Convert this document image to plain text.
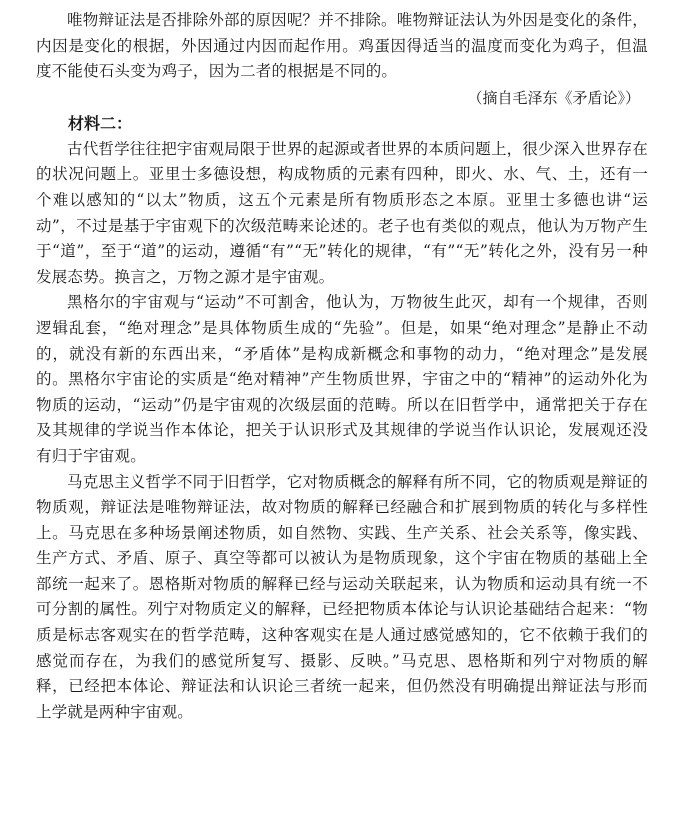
唯物辩证法是否排除外部的原因呢？并不排除。唯物辩证法认为外因是变化的条件，内因是变化的根据，外因通过内因而起作用。鸡蛋因得适当的温度而变化为鸡子，但温度不能使石头变为鸡子，因为二者的根据是不同的。

（摘自毛泽东《矛盾论》）

材料二：

古代哲学往往把宇宙观局限于世界的起源或者世界的本质问题上，很少深入世界存在的状况问题上。亚里士多德设想，构成物质的元素有四种，即火、水、气、土，还有一个难以感知的“以太”物质，这五个元素是所有物质形态之本原。亚里士多德也讲“运动”，不过是基于宇宙观下的次级范畴来论述的。老子也有类似的观点，他认为万物产生于“道”，至于“道”的运动，遵循“有”“无”转化的规律，“有”“无”转化之外，没有另一种发展态势。换言之，万物之源才是宇宙观。

黑格尔的宇宙观与“运动”不可割舍，他认为，万物彼生此灭，却有一个规律，否则逻辑乱套，“绝对理念”是具体物质生成的“先验”。但是，如果“绝对理念”是静止不动的，就没有新的东西出来，“矛盾体”是构成新概念和事物的动力，“绝对理念”是发展的。黑格尔宇宙论的实质是“绝对精神”产生物质世界，宇宙之中的“精神”的运动外化为物质的运动，“运动”仍是宇宙观的次级层面的范畴。所以在旧哲学中，通常把关于存在及其规律的学说当作本体论，把关于认识形式及其规律的学说当作认识论，发展观还没有归于宇宙观。

马克思主义哲学不同于旧哲学，它对物质概念的解释有所不同，它的物质观是辩证的物质观，辩证法是唯物辩证法，故对物质的解释已经融合和扩展到物质的转化与多样性上。马克思在多种场景阐述物质，如自然物、实践、生产关系、社会关系等，像实践、生产方式、矛盾、原子、真空等都可以被认为是物质现象，这个宇宙在物质的基础上全部统一起来了。恩格斯对物质的解释已经与运动关联起来，认为物质和运动具有统一不可分割的属性。列宁对物质定义的解释，已经把物质本体论与认识论基础结合起来：“物质是标志客观实在的哲学范畴，这种客观实在是人通过感觉感知的，它不依赖于我们的感觉而存在，为我们的感觉所复写、摄影、反映。”马克思、恩格斯和列宁对物质的解释，已经把本体论、辩证法和认识论三者统一起来，但仍然没有明确提出辩证法与形而上学就是两种宇宙观。
